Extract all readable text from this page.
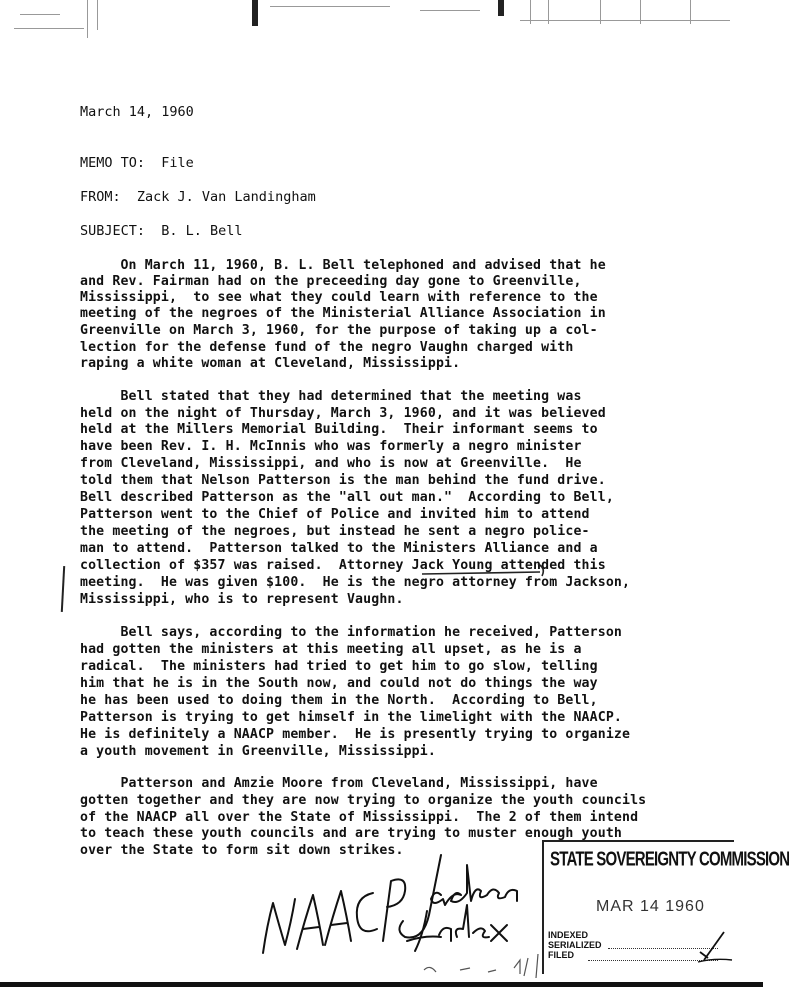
March 14, 1960
MEMO TO:  File
FROM:  Zack J. Van Landingham
SUBJECT:  B. L. Bell
On March 11, 1960, B. L. Bell telephoned and advised that he
and Rev. Fairman had on the preceeding day gone to Greenville,
Mississippi,  to see what they could learn with reference to the
meeting of the negroes of the Ministerial Alliance Association in
Greenville on March 3, 1960, for the purpose of taking up a col-
lection for the defense fund of the negro Vaughn charged with
raping a white woman at Cleveland, Mississippi.
Bell stated that they had determined that the meeting was
held on the night of Thursday, March 3, 1960, and it was believed
held at the Millers Memorial Building.  Their informant seems to
have been Rev. I. H. McInnis who was formerly a negro minister
from Cleveland, Mississippi, and who is now at Greenville.  He
told them that Nelson Patterson is the man behind the fund drive.
Bell described Patterson as the "all out man."  According to Bell,
Patterson went to the Chief of Police and invited him to attend
the meeting of the negroes, but instead he sent a negro police-
man to attend.  Patterson talked to the Ministers Alliance and a
collection of $357 was raised.  Attorney Jack Young attended this
meeting.  He was given $100.  He is the negro attorney from Jackson,
Mississippi, who is to represent Vaughn.
Bell says, according to the information he received, Patterson
had gotten the ministers at this meeting all upset, as he is a
radical.  The ministers had tried to get him to go slow, telling
him that he is in the South now, and could not do things the way
he has been used to doing them in the North.  According to Bell,
Patterson is trying to get himself in the limelight with the NAACP.
He is definitely a NAACP member.  He is presently trying to organize
a youth movement in Greenville, Mississippi.
Patterson and Amzie Moore from Cleveland, Mississippi, have
gotten together and they are now trying to organize the youth councils
of the NAACP all over the State of Mississippi.  The 2 of them intend
to teach these youth councils and are trying to muster enough youth
over the State to form sit down strikes.	STATE SOVEREIGNTY COMMISSION
MAR 14 1960
INDEXED
SERIALIZED
FILED
